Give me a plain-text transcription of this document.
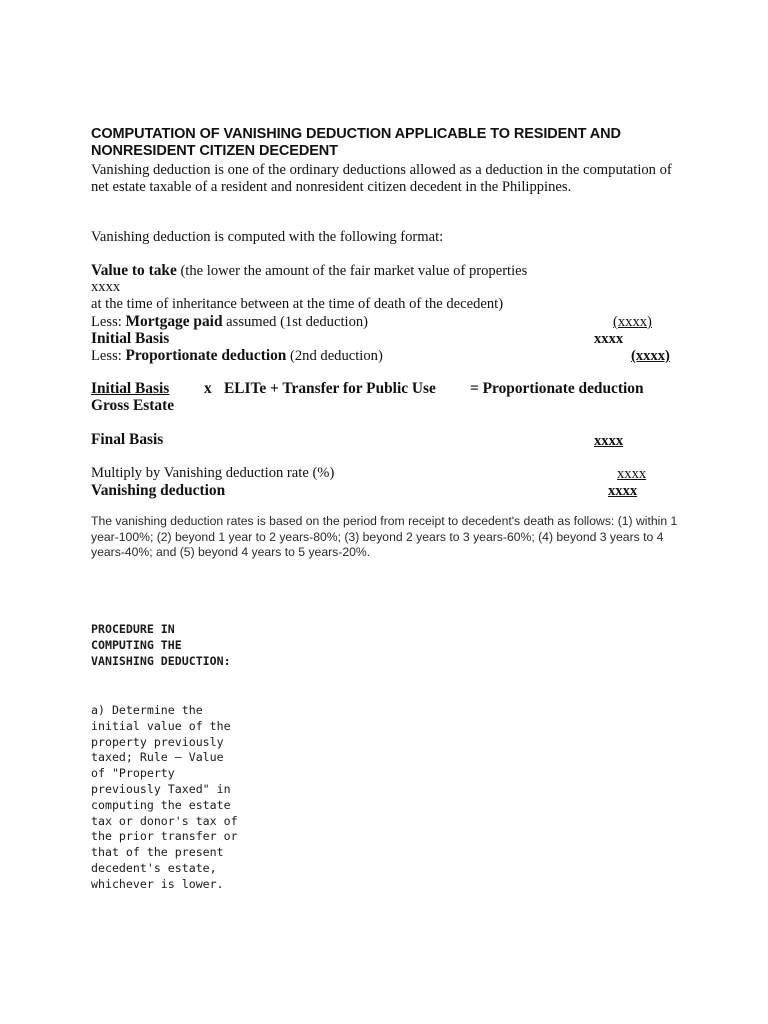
COMPUTATION OF VANISHING DEDUCTION APPLICABLE TO RESIDENT AND
NONRESIDENT CITIZEN DECEDENT
Vanishing deduction is one of the ordinary deductions allowed as a deduction in the computation of net estate taxable of a resident and nonresident citizen decedent in the Philippines.
Vanishing deduction is computed with the following format:
Value to take (the lower the amount of the fair market value of properties
xxxx
at the time of inheritance between at the time of death of the decedent)
Less: Mortgage paid assumed (1st deduction)	(xxxx)
Initial Basis	xxxx
Less: Proportionate deduction (2nd deduction)	(xxxx)
Initial Basis x ELITe + Transfer for Public Use = Proportionate deduction
Gross Estate
Final Basis	xxxx
Multiply by Vanishing deduction rate (%)	xxxx
Vanishing deduction	xxxx
The vanishing deduction rates is based on the period from receipt to decedent's death as follows: (1) within 1 year-100%; (2) beyond 1 year to 2 years-80%; (3) beyond 2 years to 3 years-60%; (4) beyond 3 years to 4 years-40%; and (5) beyond 4 years to 5 years-20%.
PROCEDURE IN COMPUTING THE VANISHING DEDUCTION:
a) Determine the initial value of the property previously taxed; Rule – Value of "Property previously Taxed" in computing the estate tax or donor's tax of the prior transfer or that of the present decedent's estate, whichever is lower.
